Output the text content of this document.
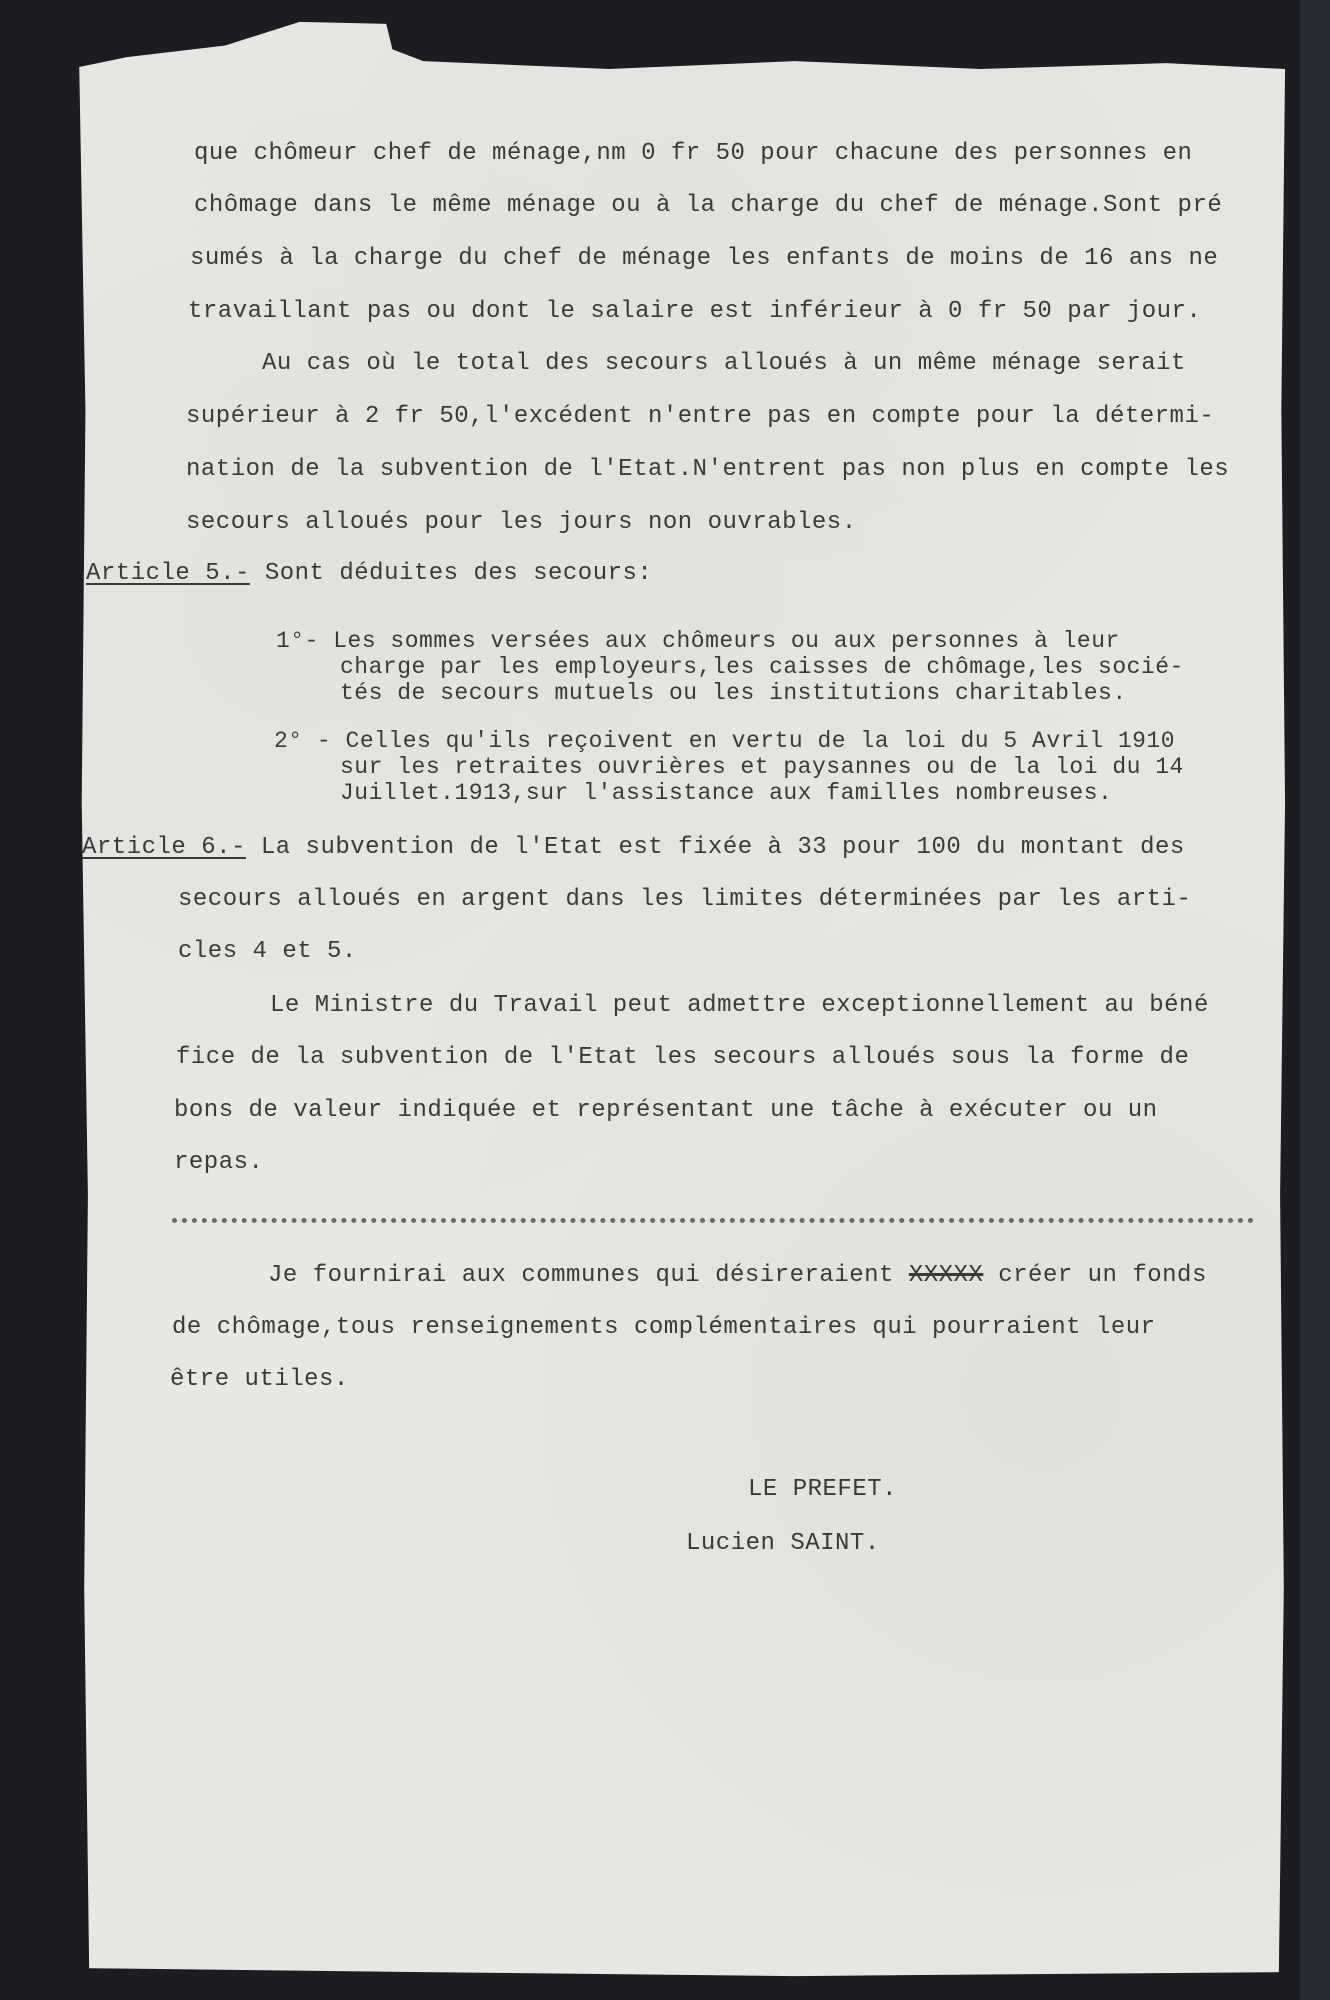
que chômeur chef de ménage,nm 0 fr 50 pour chacune des personnes en

chômage dans le même ménage ou à la charge du chef de ménage.Sont pré

sumés à la charge du chef de ménage les enfants de moins de 16 ans ne

travaillant pas ou dont le salaire est inférieur à 0 fr 50 par jour.

Au cas où le total des secours alloués à un même ménage serait

supérieur à 2 fr 50,l'excédent n'entre pas en compte pour la détermi-

nation de la subvention de l'Etat.N'entrent pas non plus en compte les

secours alloués pour les jours non ouvrables.

Article 5.- Sont déduites des secours:

1°- Les sommes versées aux chômeurs ou aux personnes à leur

charge par les employeurs,les caisses de chômage,les socié-

tés de secours mutuels ou les institutions charitables.

2° - Celles qu'ils reçoivent en vertu de la loi du 5 Avril 1910

sur les retraites ouvrières et paysannes ou de la loi du 14

Juillet.1913,sur l'assistance aux familles nombreuses.

Article 6.- La subvention de l'Etat est fixée à 33 pour 100 du montant des

secours alloués en argent dans les limites déterminées par les arti-

cles 4 et 5.

Le Ministre du Travail peut admettre exceptionnellement au béné

fice de la subvention de l'Etat les secours alloués sous la forme de

bons de valeur indiquée et représentant une tâche à exécuter ou un

repas.

Je fournirai aux communes qui désireraient XXXXX créer un fonds

de chômage,tous renseignements complémentaires qui pourraient leur

être utiles.

LE PREFET.

Lucien SAINT.
